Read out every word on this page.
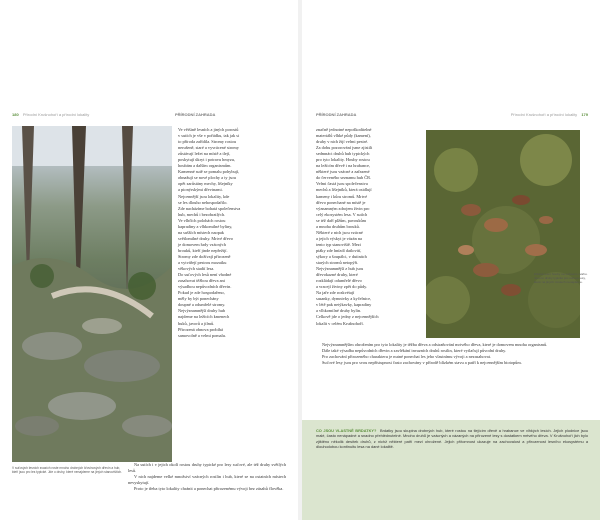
180 Přírodní Krušnohoří a přírodní lokality	PŘÍRODNÍ ZAHRADA
V suťových lesních svazích roste mnoho drobných křovinových dřevin a hub, kteří jsou pro les typické. Jde o druhy, které nenajdeme na jiných stanovištích.
Ve většině lesních a jiných porostů
v sutích je vše v pořádku, tak jak si
to příroda zařídila. Stromy rostou
nerušeně, staré a vyvrácené stromy
zůstávají ležet na místě a tlejí,
poskytují úkryt i potravu hmyzu,
houbám a dalším organismům.
Kamenné sutě se pomalu pohybují,
obnažují se nové plochy a ty jsou
opět zarůstány mechy, lišejníky
a pionýrskými dřevinami.
Nejcennější jsou lokality, kde
se les dlouho nehospodařilo.
Zde nacházíme bohatá společenstva
hub, mechů i bezobratlých.
Ve vlhčích polohách rostou
kapradiny a vlhkomilné byliny,
na sušších místech naopak
světlomilné druhy. Mrtvé dřevo
je domovem řady vzácných
brouků, kteří jinde nepřežijí.
Stromy zde dožívají přirozeně
a vytvářejí pestrou mozaiku
věkových stadií lesa.
Do suťových lesů není vhodné
zasahovat těžbou dřeva ani
výsadbou nepůvodních dřevin.
Pokud je zde hospodařeno,
měly by být ponechány
doupné a odumřelé stromy.
Nejvýznamnější druhy hub
najdeme na ležících kmenech
buků, javorů a jilmů.
Přirozená obnova probíhá
samovolně a velmi pomalu.

Na sutích i v jejich okolí rostou druhy typické pro lesy suťové, ale též druhy světlých lesů.

V nich najdeme velké množství vzácných rostlin i hub, které se na ostatních místech nevyskytují.

Proto je třeba tyto lokality chránit a ponechat přirozenému vývoji bez zásahů člověka.

PŘÍRODNÍ ZAHRADA	Přírodní Krušnohoří a přírodní lokality 179
značně jednotné nepoškoditelné
materiálů vlhké půdy (kamení),
druhy v nich žijí velmi pestré.
Za dobu pozorování jsme zjistili
sedmnáct druhů hub typických
pro tyto lokality. Houby rostou
na ležícím dřevě i na hrabance,
některé jsou vzácné a zařazené
do červeného seznamu hub ČR.
Velmi častá jsou společenstva
mechů a lišejníků, která osidlují
kameny i kůru stromů. Mrtvé
dřevo ponechané na místě je
významným zdrojem živin pro
celý ekosystém lesa. V sutích
se též daří plžům, pavoukům
a mnoha druhům brouků.
Některé z nich jsou vzácné
a jejich výskyt je vázán na
tento typ stanoviště. Mezi
ptáky zde hnízdí datlovití,
sýkory a šoupálci, v dutinách
starých stromů netopýři.
Nejvýznamnější z hub jsou
dřevokazné druhy, které
rozkládají odumřelé dřevo
a vracejí živiny zpět do půdy.
Na jaře zde rozkvétají
sasanky, dymnivky a kyčelnice,
v létě pak netýkavky, kapradiny
a vlhkomilné druhy bylin.
Celkově jde o jedny z nejcennějších
lokalit v celém Krušnohoří.
Zdravé lesní houby na suťovém svahu. Jsou to druhy typické pro suťové lesy, které na jiných místech nenajdeme.

Nejvýznamnějším ohrožením pro tyto lokality je těžba dřeva a odstraňování mrtvého dřeva, které je domovem mnoha organismů.

Dále také výsadba nepůvodních dřevin a zavlékání invazních druhů rostlin, které vytlačují původní druhy.

Pro zachování přirozeného charakteru je nutné ponechat les jeho vlastnímu vývoji a nezasahovat.

Suťové lesy jsou pro svou nepřístupnost často zachovány v přírodě blízkém stavu a patří k nejcennějším biotopům.

CO JSOU VLASTNĚ BRDATKY? Brdatky jsou skupina drobných hub, které rostou na tlejícím dřevě a hrabance ve vlhkých lesích. Jejich plodnice jsou malé, často nenápadné a snadno přehlédnutelné. Mnoho druhů je vzácných a vázaných na přirozené lesy s dostatkem mrtvého dřeva. V Krušnohoří jich bylo zjištěno několik desítek druhů, z nichž některé patří mezi ohrožené. Jejich přítomnost ukazuje na zachovalost a přirozenost lesního ekosystému a dlouhodobou kontinuitu lesa na dané lokalitě.
